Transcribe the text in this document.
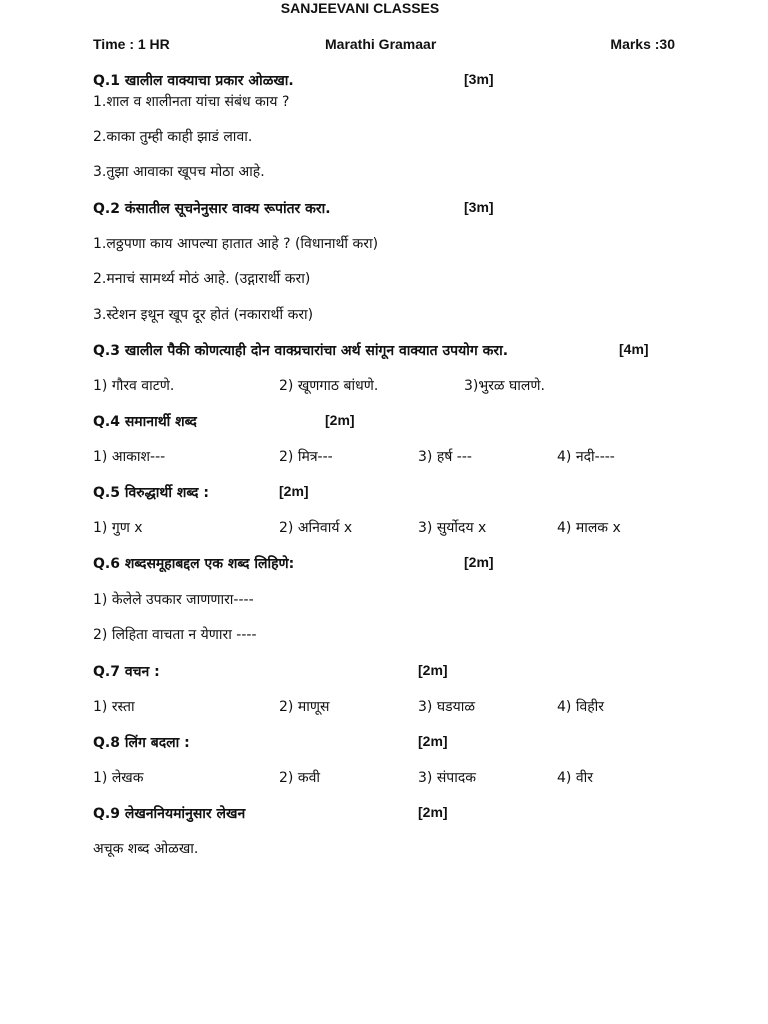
SANJEEVANI CLASSES
Time : 1 HR	Marathi Gramaar	Marks :30
Q.1 खालील वाक्याचा प्रकार ओळखा.	[3m]
1.शाल व शालीनता यांचा संबंध काय ?
2.काका तुम्ही काही झाडं लावा.
3.तुझा आवाका खूपच मोठा आहे.
Q.2 कंसातील सूचनेनुसार वाक्य रूपांतर करा.	[3m]
1.लठ्ठपणा काय आपल्या हातात आहे ? (विधानार्थी करा)
2.मनाचं सामर्थ्य मोठं आहे. (उद्गारार्थी करा)
3.स्टेशन इथून खूप दूर होतं (नकारार्थी करा)
Q.3 खालील पैकी कोणत्याही दोन वाक्प्रचारांचा अर्थ सांगून वाक्यात उपयोग करा.	[4m]
1) गौरव वाटणे.	2) खूणगाठ बांधणे.	3)भुरळ घालणे.
Q.4 समानार्थी शब्द	[2m]
1) आकाश---	2) मित्र---	3) हर्ष ---	4) नदी----
Q.5 विरुद्धार्थी शब्द :	[2m]
1) गुण x	2) अनिवार्य x	3) सुर्योदय x	4) मालक x
Q.6 शब्दसमूहाबद्दल एक शब्द लिहिणे:	[2m]
1) केलेले उपकार जाणणारा----
2) लिहिता वाचता न येणारा ----
Q.7 वचन :	[2m]
1) रस्ता	2) माणूस	3) घडयाळ	4) विहीर
Q.8 लिंग बदला :	[2m]
1) लेखक	2) कवी	3) संपादक	4) वीर
Q.9 लेखननियमांनुसार लेखन	[2m]
अचूक शब्द ओळखा.
